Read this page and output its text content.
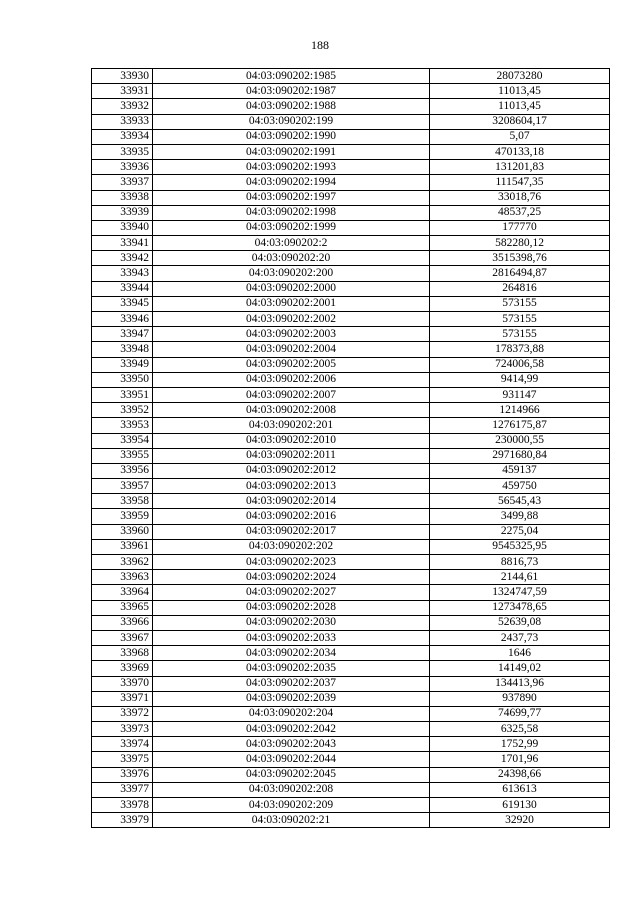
188
33930	04:03:090202:1985	28073280
33931	04:03:090202:1987	11013,45
33932	04:03:090202:1988	11013,45
33933	04:03:090202:199	3208604,17
33934	04:03:090202:1990	5,07
33935	04:03:090202:1991	470133,18
33936	04:03:090202:1993	131201,83
33937	04:03:090202:1994	111547,35
33938	04:03:090202:1997	33018,76
33939	04:03:090202:1998	48537,25
33940	04:03:090202:1999	177770
33941	04:03:090202:2	582280,12
33942	04:03:090202:20	3515398,76
33943	04:03:090202:200	2816494,87
33944	04:03:090202:2000	264816
33945	04:03:090202:2001	573155
33946	04:03:090202:2002	573155
33947	04:03:090202:2003	573155
33948	04:03:090202:2004	178373,88
33949	04:03:090202:2005	724006,58
33950	04:03:090202:2006	9414,99
33951	04:03:090202:2007	931147
33952	04:03:090202:2008	1214966
33953	04:03:090202:201	1276175,87
33954	04:03:090202:2010	230000,55
33955	04:03:090202:2011	2971680,84
33956	04:03:090202:2012	459137
33957	04:03:090202:2013	459750
33958	04:03:090202:2014	56545,43
33959	04:03:090202:2016	3499,88
33960	04:03:090202:2017	2275,04
33961	04:03:090202:202	9545325,95
33962	04:03:090202:2023	8816,73
33963	04:03:090202:2024	2144,61
33964	04:03:090202:2027	1324747,59
33965	04:03:090202:2028	1273478,65
33966	04:03:090202:2030	52639,08
33967	04:03:090202:2033	2437,73
33968	04:03:090202:2034	1646
33969	04:03:090202:2035	14149,02
33970	04:03:090202:2037	134413,96
33971	04:03:090202:2039	937890
33972	04:03:090202:204	74699,77
33973	04:03:090202:2042	6325,58
33974	04:03:090202:2043	1752,99
33975	04:03:090202:2044	1701,96
33976	04:03:090202:2045	24398,66
33977	04:03:090202:208	613613
33978	04:03:090202:209	619130
33979	04:03:090202:21	32920
